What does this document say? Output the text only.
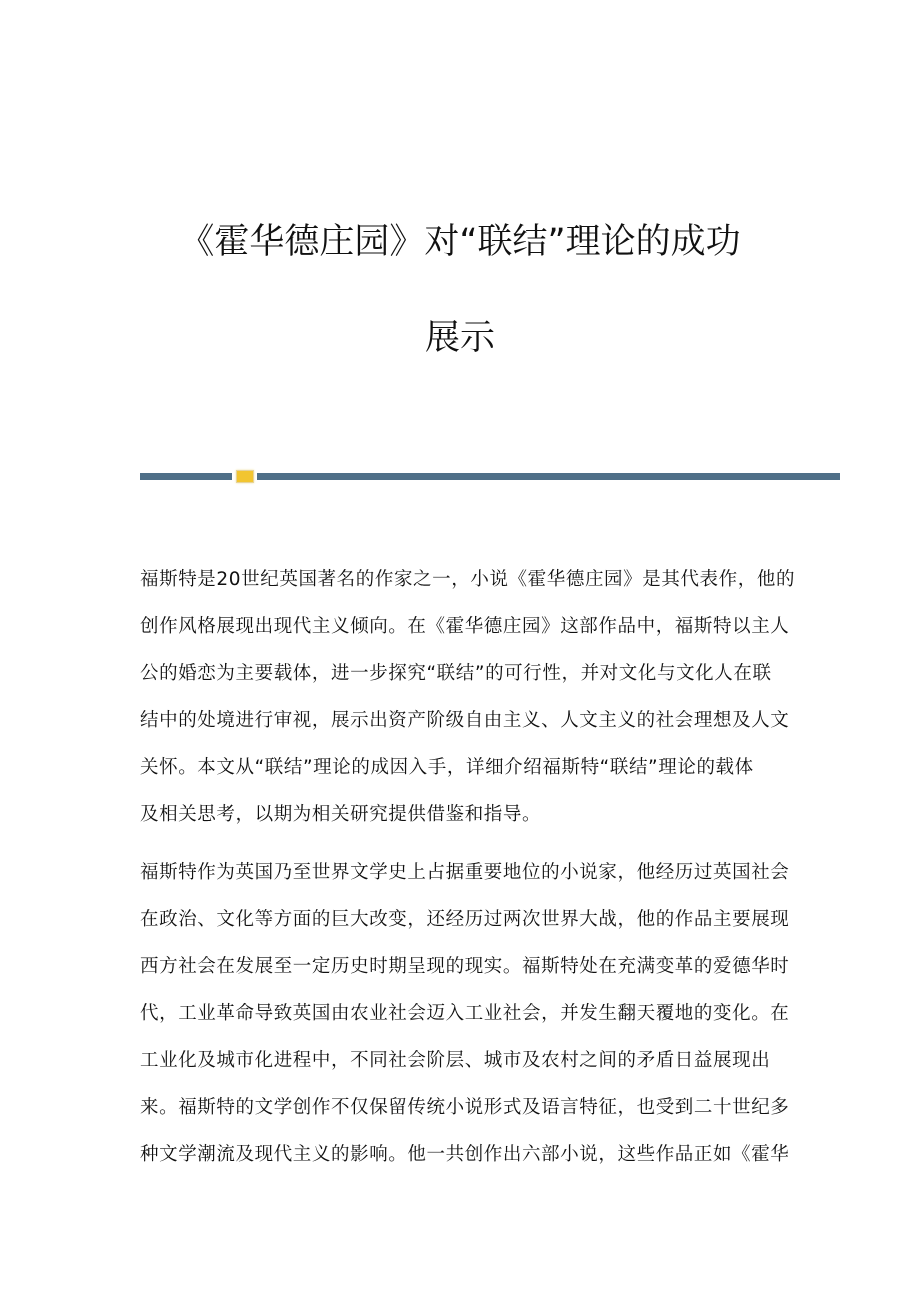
《霍华德庄园》对“联结”理论的成功
展示
福斯特是20世纪英国著名的作家之一，小说《霍华德庄园》是其代表作，他的
创作风格展现出现代主义倾向。在《霍华德庄园》这部作品中，福斯特以主人
公的婚恋为主要载体，进一步探究“联结”的可行性，并对文化与文化人在联
结中的处境进行审视，展示出资产阶级自由主义、人文主义的社会理想及人文
关怀。本文从“联结”理论的成因入手，详细介绍福斯特“联结”理论的载体
及相关思考，以期为相关研究提供借鉴和指导。
福斯特作为英国乃至世界文学史上占据重要地位的小说家，他经历过英国社会
在政治、文化等方面的巨大改变，还经历过两次世界大战，他的作品主要展现
西方社会在发展至一定历史时期呈现的现实。福斯特处在充满变革的爱德华时
代，工业革命导致英国由农业社会迈入工业社会，并发生翻天覆地的变化。在
工业化及城市化进程中，不同社会阶层、城市及农村之间的矛盾日益展现出
来。福斯特的文学创作不仅保留传统小说形式及语言特征，也受到二十世纪多
种文学潮流及现代主义的影响。他一共创作出六部小说，这些作品正如《霍华
